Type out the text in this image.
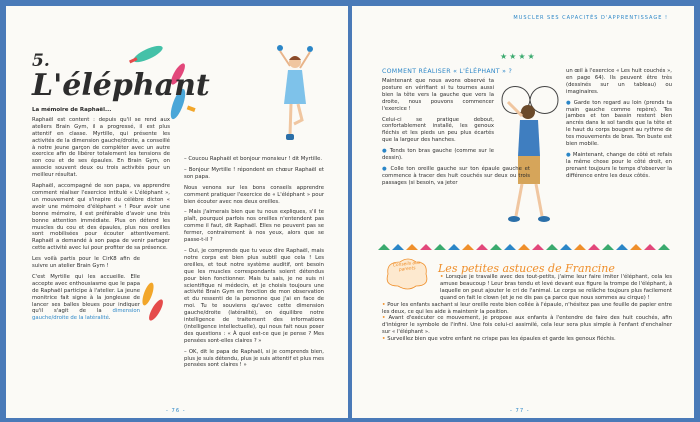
5.
L'éléphant
La mémoire de Raphaël...

Raphaël est content : depuis qu'il se rend aux ateliers Brain Gym, il a progressé, il est plus attentif en classe. Myrtille, qui présente les activités de la dimension gauche/droite, a conseillé à notre jeune garçon de compléter avec un autre exercice afin de libérer totalement les tensions de son cou et de ses épaules. En Brain Gym, on associe souvent deux ou trois activités pour un meilleur résultat.

Raphaël, accompagné de son papa, va apprendre comment réaliser l'exercice intitulé « L'éléphant », un mouvement qui s'inspire du célèbre dicton « avoir une mémoire d'éléphant » ! Pour avoir une bonne mémoire, il est préférable d'avoir une très bonne attention immédiate. Plus on détend les muscles du cou et des épaules, plus nos oreilles sont mobilisées pour écouter attentivement. Raphaël a demandé à son papa de venir partager cette activité avec lui pour profiter de sa présence.

Les voilà partis pour le CirK8 afin de suivre un atelier Brain Gym !

C'est Myrtille qui les accueille. Elle accepte avec enthousiasme que le papa de Raphaël participe à l'atelier. La jeune monitrice fait signe à la jongleuse de lancer ses balles bleues pour indiquer qu'il s'agit de la dimension gauche/droite de la latéralité.

– Coucou Raphaël et bonjour monsieur ! dit Myrtille.

– Bonjour Myrtille ! répondent en chœur Raphaël et son papa.

Nous venons sur les bons conseils apprendre comment pratiquer l'exercice de « L'éléphant » pour bien écouter avec nos deux oreilles.

– Mais j'aimerais bien que tu nous expliques, s'il te plaît, pourquoi parfois nos oreilles n'entendent pas comme il faut, dit Raphaël. Elles ne peuvent pas se fermer, contrairement à nos yeux, alors que se passe-t-il ?

– Oui, je comprends que tu veux dire Raphaël, mais notre corps est bien plus subtil que cela ! Les oreilles, et tout notre système auditif, ont besoin que les muscles correspondants soient détendus pour bien fonctionner. Mais tu sais, je ne suis ni scientifique ni médecin, et je choisis toujours une activité Brain Gym en fonction de mon observation et du ressenti de la personne que j'ai en face de moi. Tu te souviens qu'avec cette dimension gauche/droite (latéralité), on équilibre notre intelligence de traitement des informations (intelligence intellectuelle), qui nous fait nous poser des questions : « À quoi est-ce que je pense ? Mes pensées sont-elles claires ? »

– OK, dit le papa de Raphaël, si je comprends bien, plus je suis détendu, plus je suis attentif et plus mes pensées sont claires ! »

- 76 -
MUSCLER SES CAPACITÉS D'APPRENTISSAGE !
★★★★
COMMENT RÉALISER « L'ÉLÉPHANT » ?

Maintenant que nous avons observé ta posture en vérifiant si tu tournes aussi bien la tête vers la gauche que vers la droite, nous pouvons commencer l'exercice !

Celui-ci se pratique debout, confortablement installé, les genoux fléchis et les pieds un peu plus écartés que la largeur des hanches.

● Tends ton bras gauche (comme sur le dessin).

● Colle ton oreille gauche sur ton épaule gauche et commence à tracer des huit couchés sur deux ou trois passages (si besoin, va jeter

un œil à l'exercice « Les huit couchés », en page 64). Ils peuvent être très (dessinés sur un tableau) ou imaginaires.

● Garde ton regard au loin (prends ta main gauche comme repère). Tes jambes et ton bassin restent bien ancrés dans le sol tandis que la tête et le haut du corps bougent au rythme de tes mouvements de bras. Ton buste est bien mobile.

● Maintenant, change de côté et refais la même chose pour le côté droit, en prenant toujours le temps d'observer la différence entre les deux côtés.

Conseils aux parents	Les petites astuces de Francine

• Lorsque je travaille avec des tout-petits, j'aime leur faire imiter l'éléphant, cela les amuse beaucoup ! Leur bras tendu et levé devant eux figure la trompe de l'éléphant, à laquelle on peut ajouter le cri de l'animal. Le corps se relâche toujours plus facilement quand on fait le clown (et je ne dis pas ça parce que nous sommes au cirque) !

• Pour les enfants sachant si leur oreille reste bien collée à l'épaule, n'hésitez pas une feuille de papier entre les deux, ce qui les aide à maintenir la position.

• Avant d'exécuter ce mouvement, je propose aux enfants à l'entendre de faire des huit couchés, afin d'intégrer le symbole de l'infini. Une fois celui-ci assimilé, cela leur sera plus simple à l'enfant d'enchaîner sur « l'éléphant ».

• Surveillez bien que votre enfant ne crispe pas les épaules et garde les genoux fléchis.

- 77 -
